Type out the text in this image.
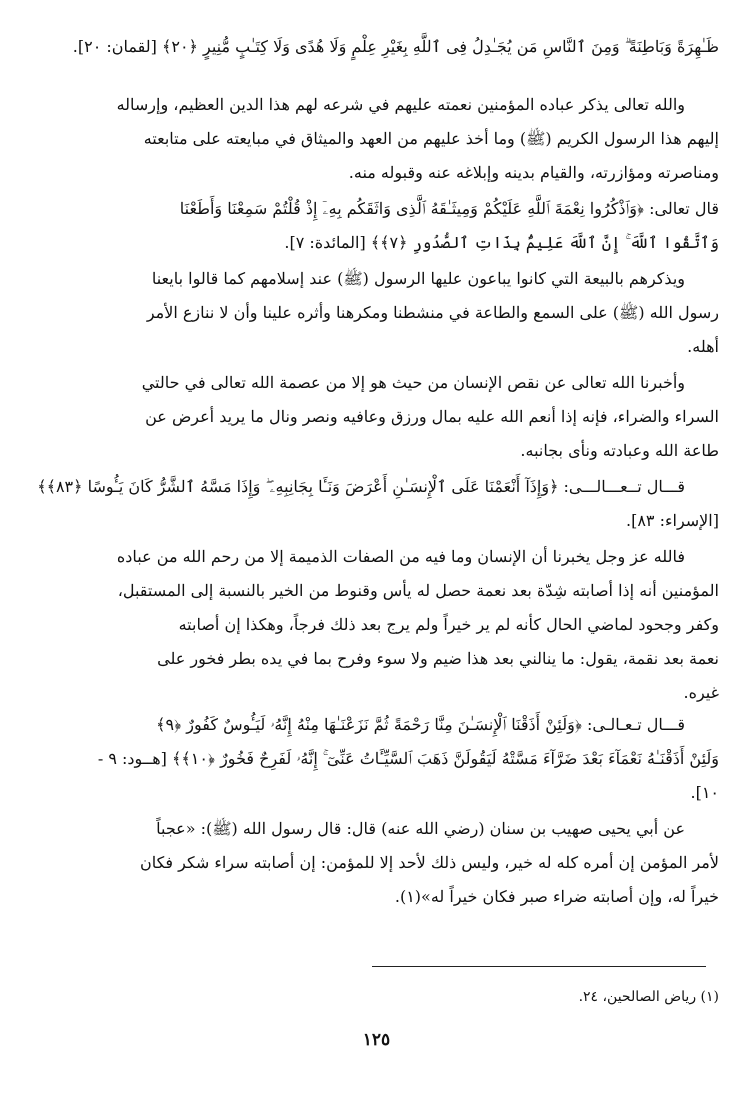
ظَـٰهِرَةً وَبَاطِنَةً ۗ وَمِنَ ٱلنَّاسِ مَن يُجَـٰدِلُ فِى ٱللَّهِ بِغَيْرِ عِلْمٍ وَلَا هُدًى وَلَا كِتَـٰبٍ مُّنِيرٍ ﴿٢٠﴾ [لقمان: ٢٠].
والله تعالى يذكر عباده المؤمنين نعمته عليهم في شرعه لهم هذا الدين العظيم، وإرساله
إليهم هذا الرسول الكريم (ﷺ) وما أخذ عليهم من العهد والميثاق في مبايعته على متابعته
ومناصرته ومؤازرته، والقيام بدينه وإبلاغه عنه وقبوله منه.
قال تعالى: ﴿وَٱذْكُرُوا نِعْمَةَ ٱللَّهِ عَلَيْكُمْ وَمِيثَـٰقَهُ ٱلَّذِى وَاثَقَكُم بِهِۦٓ إِذْ قُلْتُمْ سَمِعْنَا وَأَطَعْنَا
وَٱتَّقُوا ٱللَّهَ ۚ إِنَّ ٱللَّهَ عَلِيمٌۢ بِذَاتِ ٱلصُّدُورِ ﴿٧﴾﴾ [المائدة: ٧].
ويذكرهم بالبيعة التي كانوا يباعون عليها الرسول (ﷺ) عند إسلامهم كما قالوا بايعنا
رسول الله (ﷺ) على السمع والطاعة في منشطنا ومكرهنا وأثره علينا وأن لا ننازع الأمر
أهله.
وأخبرنا الله تعالى عن نقص الإنسان من حيث هو إلا من عصمة الله تعالى في حالتي
السراء والضراء، فإنه إذا أنعم الله عليه بمال ورزق وعافيه ونصر ونال ما يريد أعرض عن
طاعة الله وعبادته ونأى بجانبه.
قـــال تــعـــالـــى: ﴿وَإِذَآ أَنْعَمْنَا عَلَى ٱلْإِنسَـٰنِ أَعْرَضَ وَنَـَٔا بِجَانِبِهِۦ ۖ وَإِذَا مَسَّهُ ٱلشَّرُّ كَانَ يَـُٔوسًا ﴿٨٣﴾﴾
[الإسراء: ٨٣].
فالله عز وجل يخبرنا أن الإنسان وما فيه من الصفات الذميمة إلا من رحم الله من عباده
المؤمنين أنه إذا أصابته شِدّة بعد نعمة حصل له يأس وقنوط من الخير بالنسبة إلى المستقبل،
وكفر وجحود لماضي الحال كأنه لم ير خيراً ولم يرج بعد ذلك فرجاً، وهكذا إن أصابته
نعمة بعد نقمة، يقول: ما ينالني بعد هذا ضيم ولا سوء وفرح بما في يده بطر فخور على
غيره.
قـــال تـعـالـى: ﴿وَلَئِنْ أَذَقْنَا ٱلْإِنسَـٰنَ مِنَّا رَحْمَةً ثُمَّ نَزَعْنَـٰهَا مِنْهُ إِنَّهُۥ لَيَـُٔوسٌ كَفُورٌ ﴿٩﴾
وَلَئِنْ أَذَقْنَـٰهُ نَعْمَآءَ بَعْدَ ضَرَّآءَ مَسَّتْهُ لَيَقُولَنَّ ذَهَبَ ٱلسَّيِّـَٔاتُ عَنِّىٓ ۚ إِنَّهُۥ لَفَرِحٌ فَخُورٌ ﴿١٠﴾﴾ [هــود: ٩ -
١٠].
عن أبي يحيى صهيب بن سنان (رضي الله عنه) قال: قال رسول الله (ﷺ): «عجباً
لأمر المؤمن إن أمره كله له خير، وليس ذلك لأحد إلا للمؤمن: إن أصابته سراء شكر فكان
خيراً له، وإن أصابته ضراء صبر فكان خيراً له»(١).
(١) رياض الصالحين، ٢٤.
١٢٥
